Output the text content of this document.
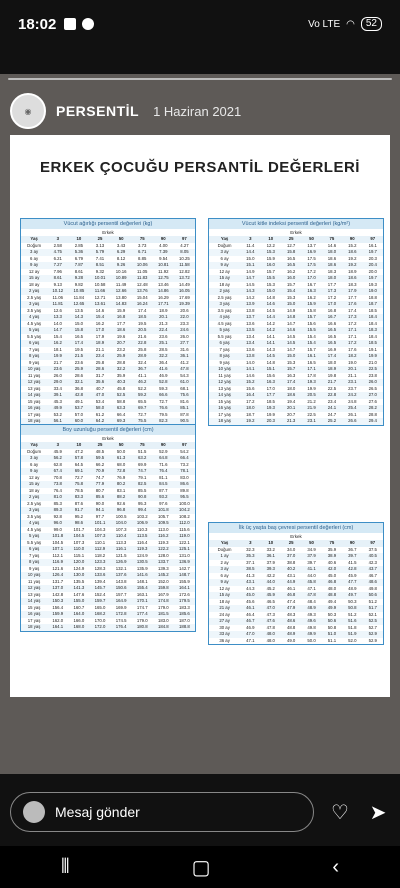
18:02	Vo LTE ◠	52
◉	PERSENTİL 1 Haziran 2021
ERKEK ÇOCUĞU PERSANTİL DEĞERLERİ
Vücut ağırlığı persentil değerleri (kg)
Erkek
Yaş	3	10	25	50	75	90	97
Doğum	2.58	2.85	3.13	3.43	3.73	4.00	4.27
3 ay	4.75	5.36	5.79	6.29	6.71	7.39	8.05
6 ay	6.21	6.79	7.41	8.12	8.85	9.54	10.25
9 ay	7.27	7.87	8.51	9.26	10.06	10.81	11.58
12 ay	7.96	8.61	9.32	10.16	11.05	11.92	12.82
15 ay	8.61	9.28	10.01	10.89	11.83	12.75	13.72
18 ay	9.13	9.82	10.58	11.49	12.48	13.46	14.49
2 yaş	10.12	10.85	11.66	12.66	13.76	14.86	16.05
2.5 yaş	11.06	11.84	12.71	13.80	15.04	16.29	17.69
3 yaş	11.81	12.65	13.61	14.83	16.24	17.71	19.39
3.5 yaş	12.6	13.5	14.6	15.9	17.4	18.9	20.6
4 yaş	13.3	14.3	15.4	16.8	18.5	20.1	22.0
4.5 yaş	14.0	15.0	16.2	17.7	19.5	21.3	23.3
5 yaş	14.7	15.8	17.0	18.6	20.5	22.4	24.6
5.5 yaş	15.4	16.5	17.9	19.6	21.6	23.6	26.0
6 yaş	16.2	17.4	18.9	20.7	22.8	25.1	27.7
7 yaş	18.1	19.5	21.1	23.2	25.8	28.5	31.6
8 yaş	19.9	21.5	23.4	25.9	28.9	32.2	36.1
9 yaş	21.7	23.6	25.8	28.8	32.4	36.4	41.2
10 yaş	23.6	25.9	28.6	32.2	36.7	41.6	47.8
11 yaş	26.0	28.6	31.7	35.9	41.1	46.9	54.3
12 yaş	29.0	32.1	35.6	40.3	46.2	52.8	61.0
13 yaş	33.4	36.8	40.7	45.8	52.2	59.3	68.1
14 yaş	39.1	42.8	47.0	52.5	59.2	66.6	75.6
15 yaş	45.3	49.1	53.4	58.8	65.5	72.7	81.6
16 yaş	49.9	53.7	58.0	63.3	69.7	76.6	85.1
17 yaş	53.2	57.0	61.2	66.4	72.7	79.5	87.8
18 yaş	56.1	60.0	64.2	69.3	75.5	82.3	90.5
Vücut kitle indeksi persentil değerleri (kg/m²)
Erkek
Yaş	3	10	25	50	75	90	97
Doğum	11.4	12.2	12.7	13.7	14.6	15.2	16.1
3 ay	14.4	15.3	15.8	16.9	18.0	18.6	19.7
6 ay	15.0	15.9	16.5	17.5	18.6	19.2	20.3
9 ay	15.1	16.0	16.5	17.5	18.6	19.2	20.4
12 ay	14.9	15.7	16.2	17.2	18.3	18.9	20.0
15 ay	14.7	15.5	16.0	17.0	18.0	18.6	19.7
18 ay	14.5	15.3	15.7	16.7	17.7	18.3	19.3
2 yaş	14.3	15.0	15.4	16.3	17.3	17.9	19.0
2.5 yaş	14.2	14.8	15.3	16.2	17.2	17.7	18.8
3 yaş	13.9	14.6	15.0	15.9	17.0	17.6	18.7
3.5 yaş	13.8	14.5	14.9	15.8	16.8	17.4	18.5
4 yaş	13.7	14.4	14.8	15.7	16.7	17.3	18.4
4.5 yaş	13.6	14.2	14.7	15.6	16.6	17.2	18.4
5 yaş	13.5	14.2	14.6	15.5	16.5	17.1	18.3
5.5 yaş	13.4	14.1	14.5	15.4	16.5	17.1	18.4
6 yaş	13.4	14.1	14.5	15.4	16.5	17.2	18.5
7 yaş	13.6	14.3	14.7	15.7	16.9	17.6	19.1
8 yaş	13.8	14.5	15.0	16.1	17.4	18.2	19.9
9 yaş	14.0	14.8	15.3	16.5	18.0	19.0	21.0
10 yaş	14.1	15.1	15.7	17.1	18.9	20.1	22.5
11 yaş	14.6	15.6	16.3	17.8	19.8	21.1	23.8
12 yaş	15.2	16.3	17.4	19.3	21.7	23.1	26.0
13 yaş	15.6	17.0	18.0	19.9	22.5	23.7	26.5
14 yaş	16.4	17.7	18.6	20.5	22.8	24.2	27.0
15 yaş	17.2	18.5	19.4	21.2	23.4	24.8	27.6
16 yaş	18.0	19.3	20.1	21.9	24.1	25.4	28.2
17 yaş	18.7	19.9	20.7	22.5	24.7	26.1	28.8
18 yaş	19.2	20.3	21.3	23.1	25.2	26.6	29.4
Boy uzunluğu persentil değerleri (cm)
Erkek
Yaş	3	10	25	50	75	90	97
Doğum	45.9	47.2	48.5	50.0	51.5	52.9	54.2
3 ay	56.2	57.8	59.5	61.3	63.2	64.8	66.4
6 ay	62.8	64.5	66.2	68.0	69.9	71.6	73.2
9 ay	67.4	69.1	70.9	72.8	74.7	76.4	78.1
12 ay	70.8	72.7	74.7	76.9	79.1	81.1	83.0
15 ay	73.8	75.8	77.9	80.2	82.5	84.5	86.6
18 ay	76.4	78.5	80.7	83.1	85.5	87.7	89.8
2 yaş	81.0	83.3	85.6	88.2	90.8	93.2	95.5
2.5 yaş	85.3	87.6	90.0	92.6	95.3	97.6	100.0
3 yaş	89.3	91.7	94.1	96.8	99.4	101.8	104.2
3.5 yaş	92.8	95.2	97.7	100.5	103.2	105.7	108.2
4 yaş	96.0	98.6	101.1	104.0	106.9	109.5	112.0
4.5 yaş	99.0	101.7	104.3	107.3	110.3	113.0	115.6
5 yaş	101.8	104.5	107.3	110.4	113.5	116.2	119.0
5.5 yaş	104.5	107.3	110.1	113.3	116.4	119.3	122.1
6 yaş	107.1	110.0	112.9	116.1	119.3	122.2	125.1
7 yaş	112.1	115.1	118.2	121.5	124.9	128.0	131.0
8 yaş	116.9	120.0	123.3	126.9	130.5	133.7	136.9
9 yaş	121.6	124.9	128.3	132.1	135.9	139.3	142.7
10 yaş	126.4	130.0	133.6	137.6	141.6	145.2	148.7
11 yaş	131.7	135.5	139.4	143.8	148.1	152.0	155.9
12 yaş	137.0	141.3	145.7	150.6	155.4	159.8	164.1
13 yaş	142.8	147.6	152.4	157.7	163.1	167.9	172.6
14 yaş	150.3	155.0	159.7	164.9	170.1	174.8	179.5
15 yaş	156.4	160.7	165.0	169.9	174.7	179.0	183.3
16 yaş	159.9	164.0	168.2	172.8	177.4	181.5	185.6
17 yaş	162.0	166.0	170.0	174.5	179.0	183.0	187.0
18 yaş	164.1	168.0	172.0	176.4	180.8	184.8	188.8
İlk üç yaşta baş çevresi persentil değerleri (cm)
Erkek
Yaş	3	10	25	50	75	90	97
Doğum	32.3	33.2	34.0	34.9	35.9	36.7	37.5
1 ay	35.3	36.1	37.0	37.9	38.9	39.7	40.5
2 ay	37.1	37.9	38.8	39.7	40.6	41.5	42.3
3 ay	38.5	39.3	40.2	41.1	42.0	42.8	43.7
6 ay	41.3	42.2	43.1	44.0	45.0	45.9	46.7
9 ay	43.1	44.0	44.9	45.8	46.8	47.7	48.6
12 ay	44.3	45.2	46.1	47.1	48.0	48.9	49.8
15 ay	45.0	45.9	46.8	47.8	48.8	49.7	50.6
18 ay	45.6	46.5	47.4	48.4	49.4	50.3	51.2
21 ay	46.1	47.0	47.9	48.9	49.9	50.8	51.7
24 ay	46.4	47.3	48.3	49.3	50.3	51.2	52.1
27 ay	46.7	47.6	48.6	49.6	50.6	51.6	52.5
30 ay	46.9	47.8	48.8	49.8	50.8	51.8	52.7
33 ay	47.0	48.0	48.9	49.9	51.0	51.9	52.9
36 ay	47.1	48.0	49.0	50.0	51.1	52.0	52.9
Mesaj gönder	♡ ➤
⦀	▢	‹
